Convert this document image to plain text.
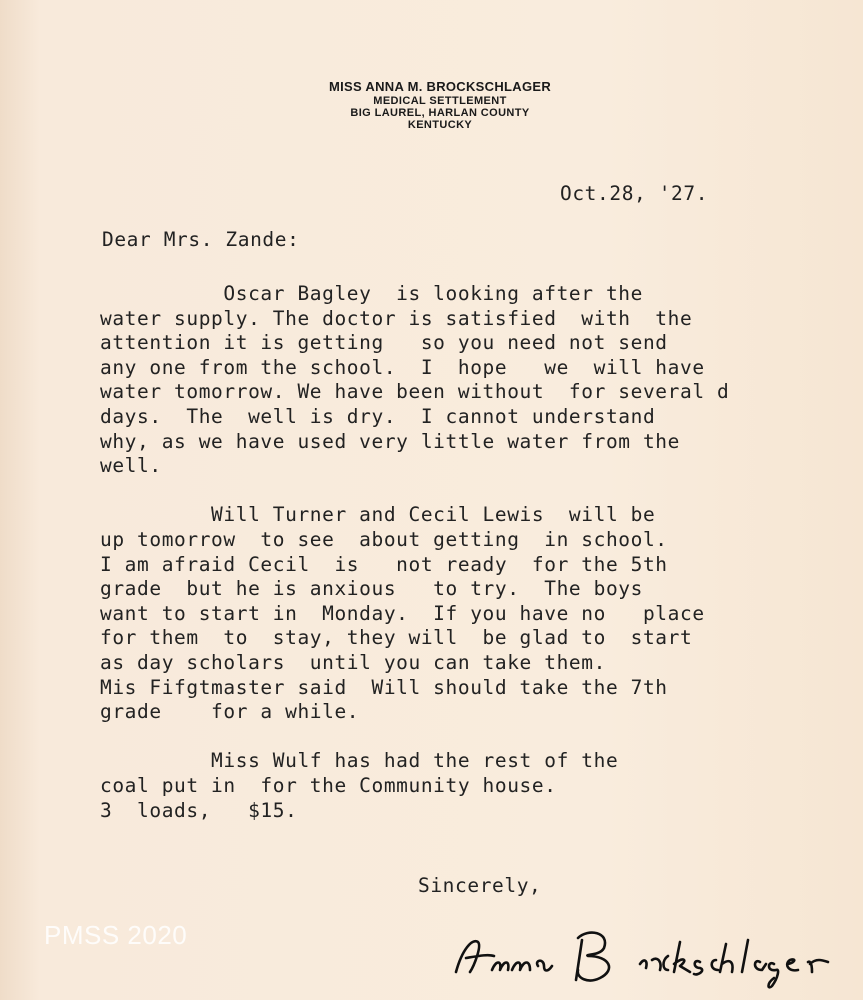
MISS ANNA M. BROCKSCHLAGER
MEDICAL SETTLEMENT
BIG LAUREL, HARLAN COUNTY
KENTUCKY
Oct.28, '27.
Dear Mrs. Zande:
Oscar Bagley  is looking after the
water supply. The doctor is satisfied  with  the
attention it is getting   so you need not send
any one from the school.  I  hope   we  will have
water tomorrow. We have been without  for several d
days.  The  well is dry.  I cannot understand
why, as we have used very little water from the
well.
Will Turner and Cecil Lewis  will be
up tomorrow  to see  about getting  in school.
I am afraid Cecil  is   not ready  for the 5th
grade  but he is anxious   to try.  The boys
want to start in  Monday.  If you have no   place
for them  to  stay, they will  be glad to  start
as day scholars  until you can take them.
Mis Fifgtmaster said  Will should take the 7th
grade    for a while.
Miss Wulf has had the rest of the
coal put in  for the Community house.
3  loads,   $15.
Sincerely,
PMSS 2020
